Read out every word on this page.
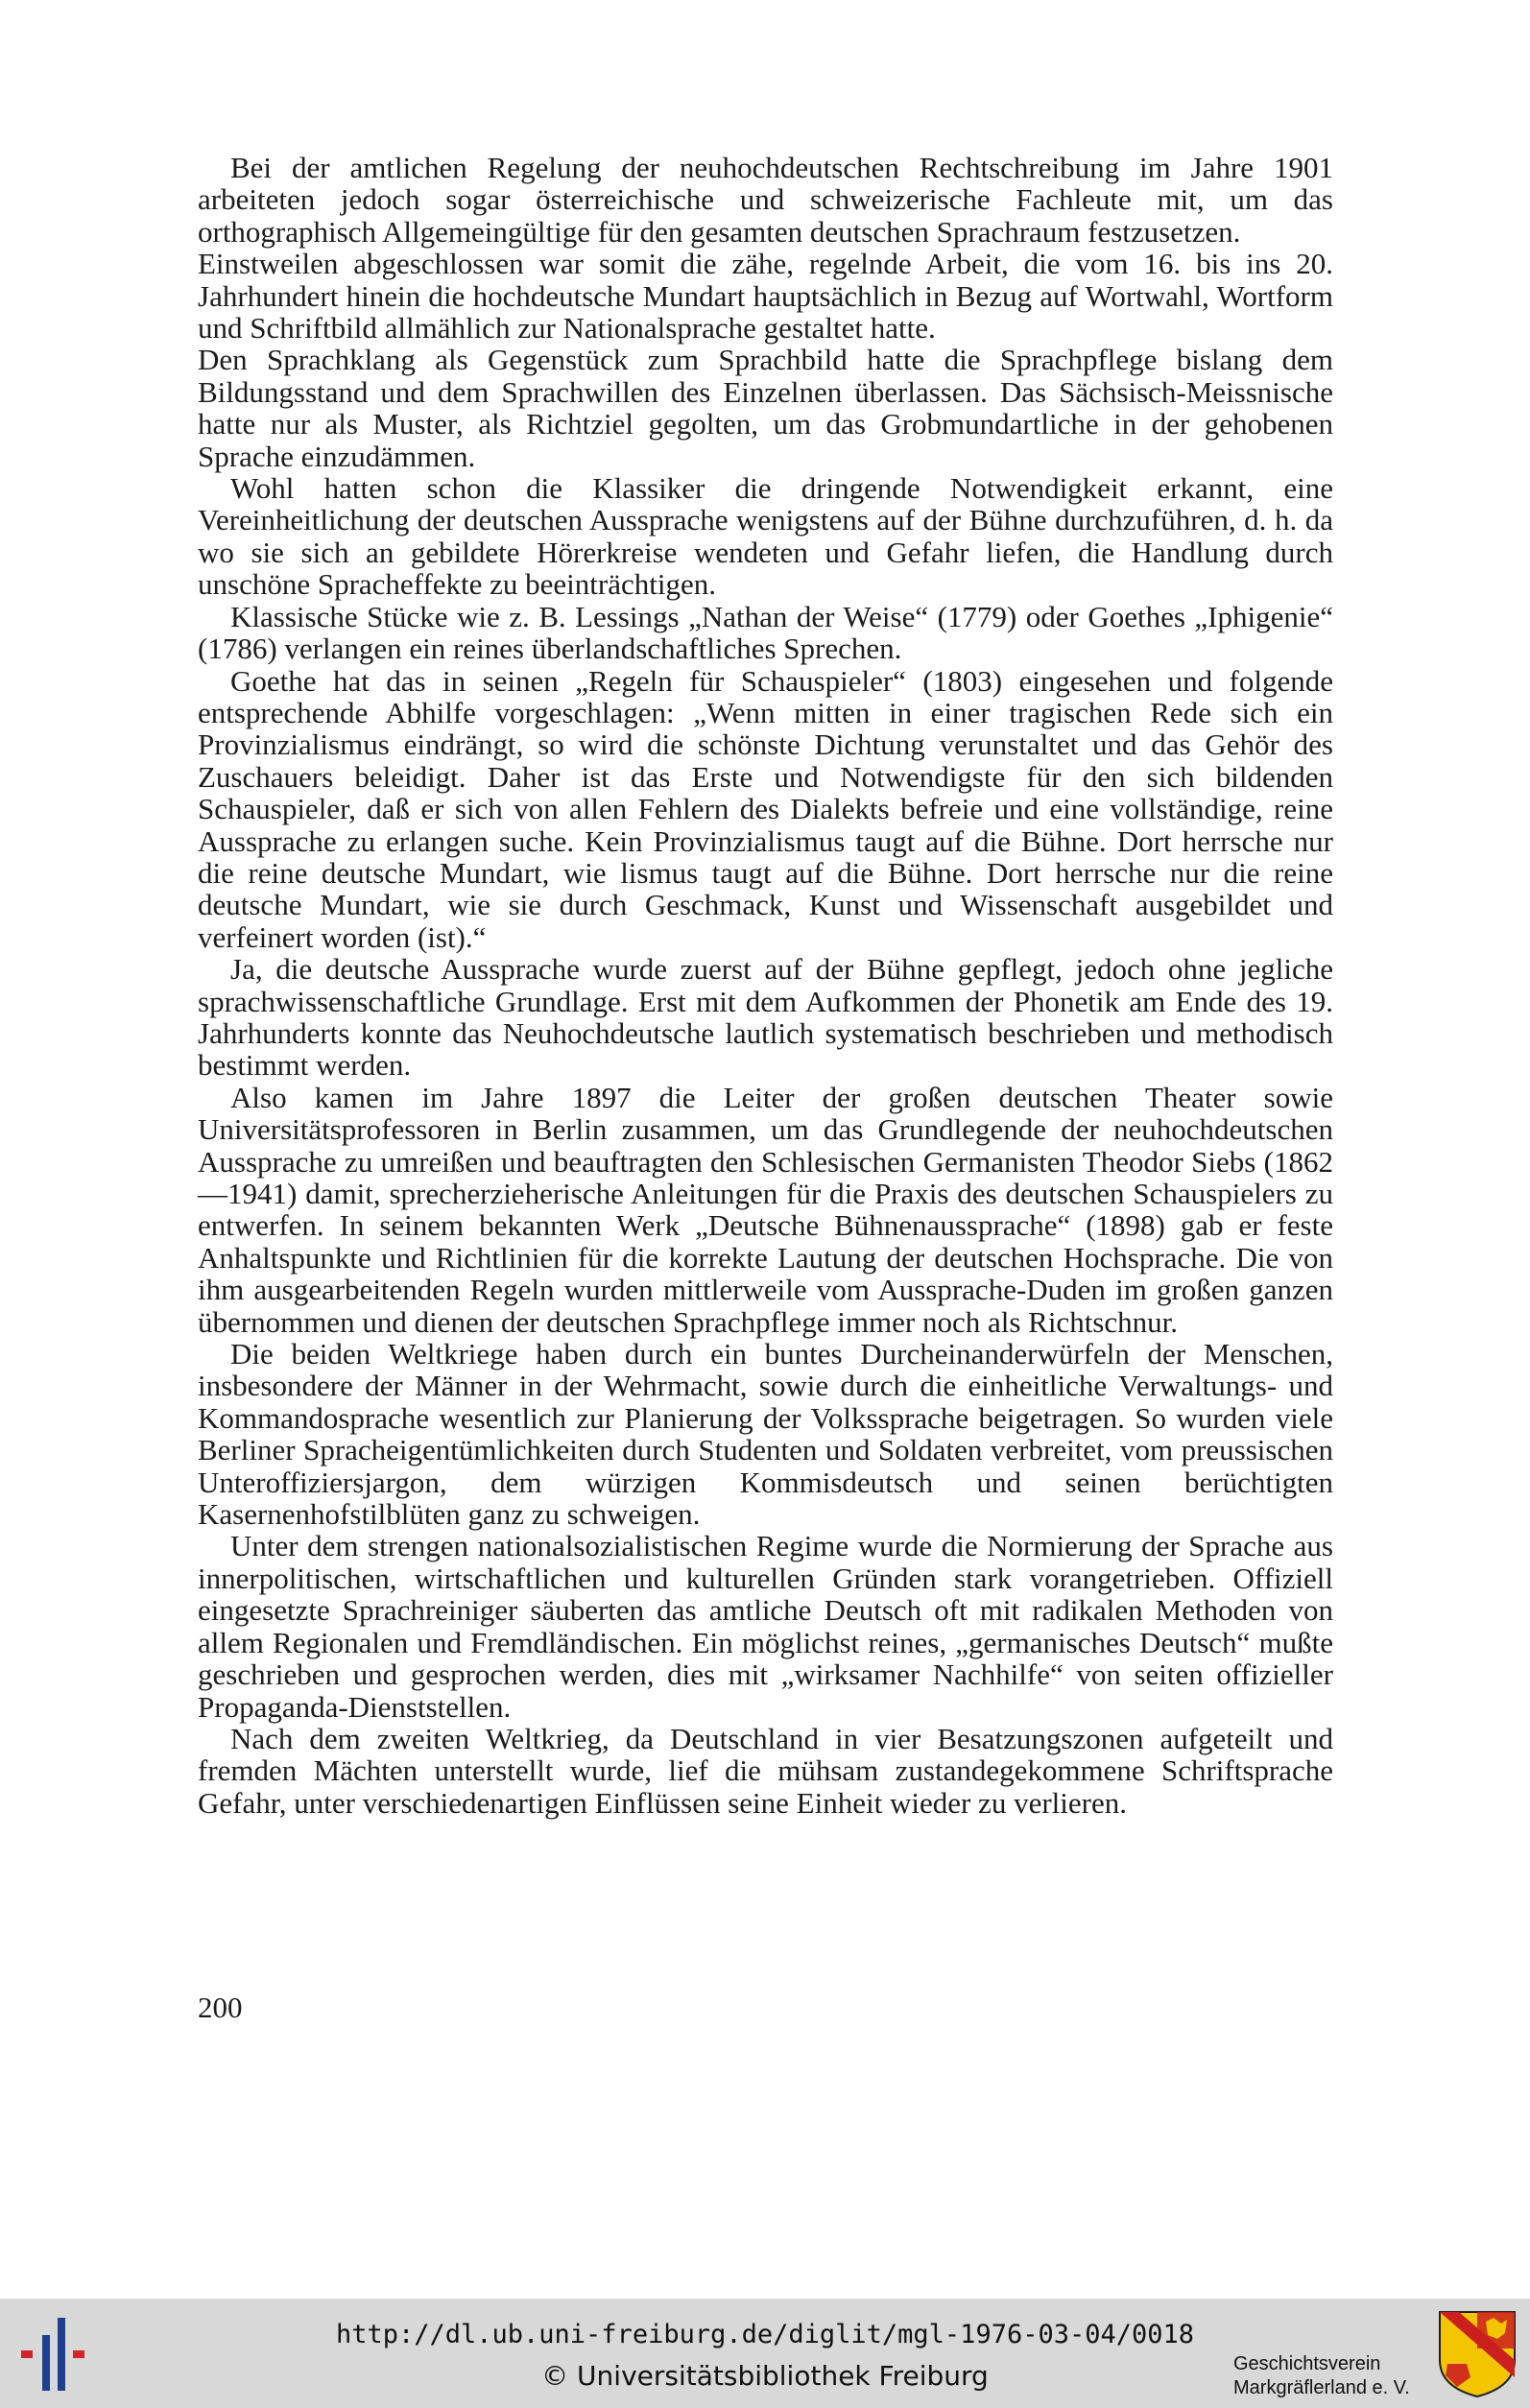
Bei der amtlichen Regelung der neuhochdeutschen Rechtschreibung im Jahre 1901 arbeiteten jedoch sogar österreichische und schweizerische Fachleute mit, um das orthographisch Allgemeingültige für den gesamten deutschen Sprachraum festzusetzen.

Einstweilen abgeschlossen war somit die zähe, regelnde Arbeit, die vom 16. bis ins 20. Jahrhundert hinein die hochdeutsche Mundart hauptsächlich in Bezug auf Wortwahl, Wortform und Schriftbild allmählich zur Nationalsprache gestaltet hatte.

Den Sprachklang als Gegenstück zum Sprachbild hatte die Sprachpflege bislang dem Bildungsstand und dem Sprachwillen des Einzelnen überlassen. Das Sächsisch-Meissnische hatte nur als Muster, als Richtziel gegolten, um das Grobmundartliche in der gehobenen Sprache einzudämmen.

Wohl hatten schon die Klassiker die dringende Notwendigkeit erkannt, eine Vereinheitlichung der deutschen Aussprache wenigstens auf der Bühne durchzuführen, d. h. da wo sie sich an gebildete Hörerkreise wendeten und Gefahr liefen, die Handlung durch unschöne Spracheffekte zu beeinträchtigen.

Klassische Stücke wie z. B. Lessings „Nathan der Weise“ (1779) oder Goethes „Iphigenie“ (1786) verlangen ein reines überlandschaftliches Sprechen.

Goethe hat das in seinen „Regeln für Schauspieler“ (1803) eingesehen und folgende entsprechende Abhilfe vorgeschlagen: „Wenn mitten in einer tragischen Rede sich ein Provinzialismus eindrängt, so wird die schönste Dichtung verunstaltet und das Gehör des Zuschauers beleidigt. Daher ist das Erste und Notwendigste für den sich bildenden Schauspieler, daß er sich von allen Fehlern des Dialekts befreie und eine vollständige, reine Aussprache zu erlangen suche. Kein Provinzialismus taugt auf die Bühne. Dort herrsche nur die reine deutsche Mundart, wie lismus taugt auf die Bühne. Dort herrsche nur die reine deutsche Mundart, wie sie durch Geschmack, Kunst und Wissenschaft ausgebildet und verfeinert worden (ist).“

Ja, die deutsche Aussprache wurde zuerst auf der Bühne gepflegt, jedoch ohne jegliche sprachwissenschaftliche Grundlage. Erst mit dem Aufkommen der Phonetik am Ende des 19. Jahrhunderts konnte das Neuhochdeutsche lautlich systematisch beschrieben und methodisch bestimmt werden.

Also kamen im Jahre 1897 die Leiter der großen deutschen Theater sowie Universitätsprofessoren in Berlin zusammen, um das Grundlegende der neuhochdeutschen Aussprache zu umreißen und beauftragten den Schlesischen Germanisten Theodor Siebs (1862—1941) damit, sprecherzieherische Anleitungen für die Praxis des deutschen Schauspielers zu entwerfen. In seinem bekannten Werk „Deutsche Bühnenaussprache“ (1898) gab er feste Anhaltspunkte und Richtlinien für die korrekte Lautung der deutschen Hochsprache. Die von ihm ausgearbeitenden Regeln wurden mittlerweile vom Aussprache-Duden im großen ganzen übernommen und dienen der deutschen Sprachpflege immer noch als Richtschnur.

Die beiden Weltkriege haben durch ein buntes Durcheinanderwürfeln der Menschen, insbesondere der Männer in der Wehrmacht, sowie durch die einheitliche Verwaltungs- und Kommandosprache wesentlich zur Planierung der Volkssprache beigetragen. So wurden viele Berliner Spracheigentümlichkeiten durch Studenten und Soldaten verbreitet, vom preussischen Unteroffiziersjargon, dem würzigen Kommisdeutsch und seinen berüchtigten Kasernenhofstilblüten ganz zu schweigen.

Unter dem strengen nationalsozialistischen Regime wurde die Normierung der Sprache aus innerpolitischen, wirtschaftlichen und kulturellen Gründen stark vorangetrieben. Offiziell eingesetzte Sprachreiniger säuberten das amtliche Deutsch oft mit radikalen Methoden von allem Regionalen und Fremdländischen. Ein möglichst reines, „germanisches Deutsch“ mußte geschrieben und gesprochen werden, dies mit „wirksamer Nachhilfe“ von seiten offizieller Propaganda-Dienststellen.

Nach dem zweiten Weltkrieg, da Deutschland in vier Besatzungszonen aufgeteilt und fremden Mächten unterstellt wurde, lief die mühsam zustandegekommene Schriftsprache Gefahr, unter verschiedenartigen Einflüssen seine Einheit wieder zu verlieren.

200
http://dl.ub.uni-freiburg.de/diglit/mgl-1976-03-04/0018
© Universitätsbibliothek Freiburg	Geschichtsverein
Markgräflerland e. V.
